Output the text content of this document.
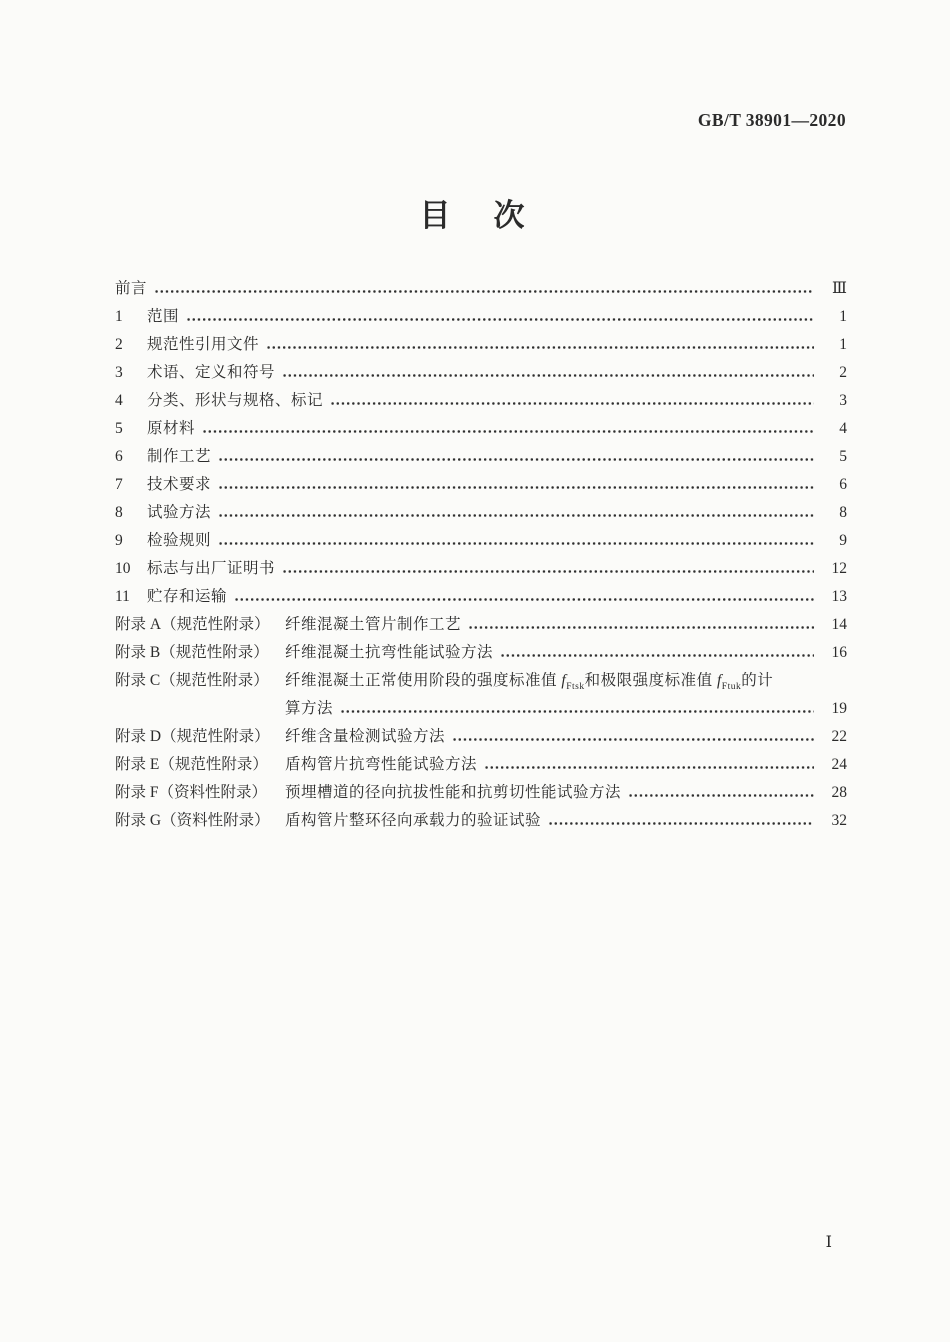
GB/T 38901—2020
目　次
前言	Ⅲ
1	范围	1
2	规范性引用文件	1
3	术语、定义和符号	2
4	分类、形状与规格、标记	3
5	原材料	4
6	制作工艺	5
7	技术要求	6
8	试验方法	8
9	检验规则	9
10	标志与出厂证明书	12
11	贮存和运输	13
附录 A（规范性附录） 纤维混凝土管片制作工艺	14
附录 B（规范性附录）	纤维混凝土抗弯性能试验方法	16
附录 C（规范性附录）	纤维混凝土正常使用阶段的强度标准值 $f_{Ftsk}$和极限强度标准值 $f_{Ftuk}$的计
算方法	19
附录 D（规范性附录） 纤维含量检测试验方法	22
附录 E（规范性附录）	盾构管片抗弯性能试验方法	24
附录 F（资料性附录）	预埋槽道的径向抗拔性能和抗剪切性能试验方法	28
附录 G（资料性附录） 盾构管片整环径向承载力的验证试验	32
Ⅰ
